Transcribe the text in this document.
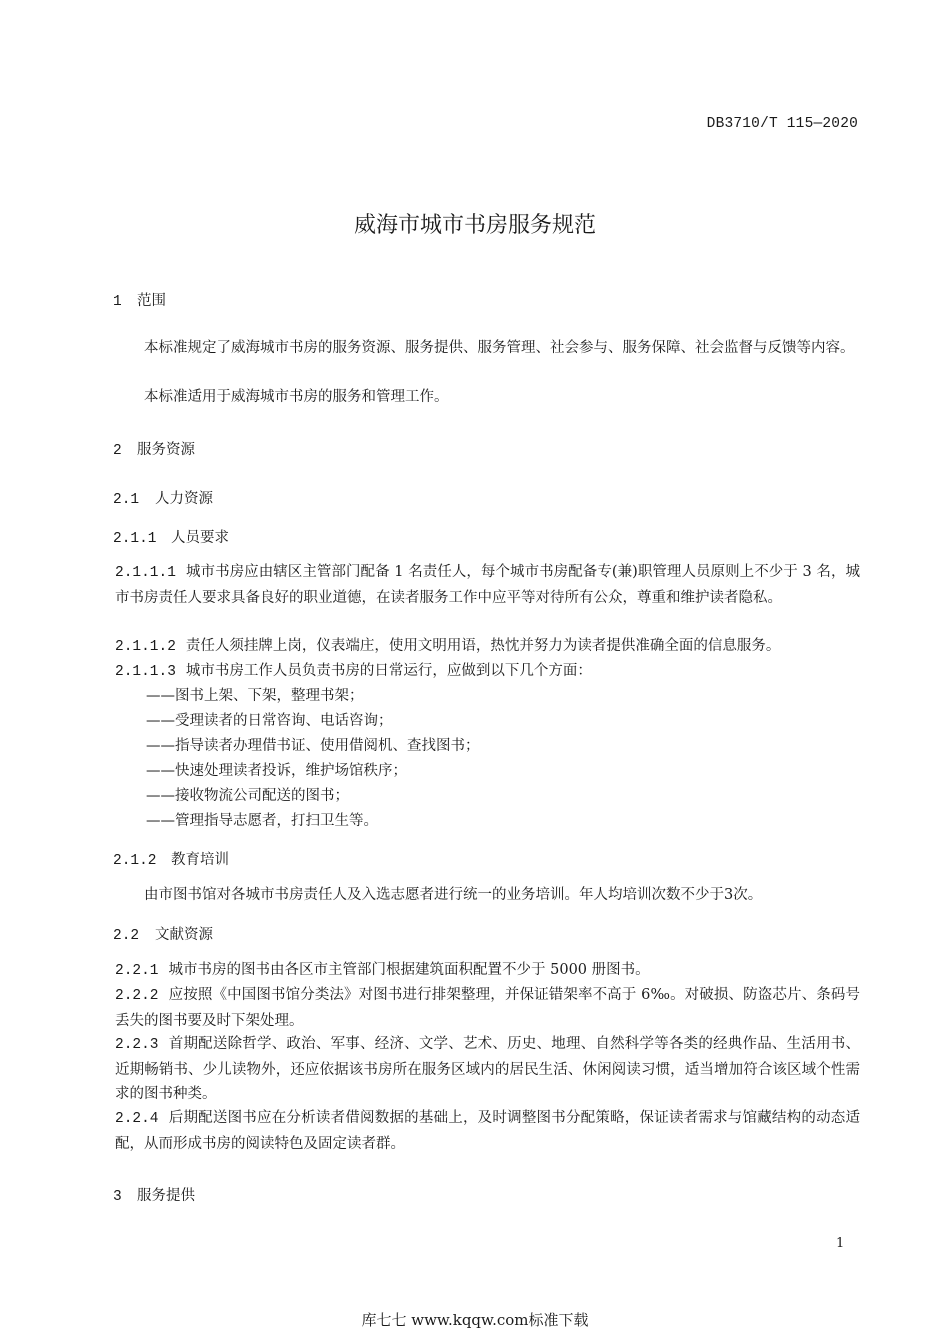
DB3710/T 115—2020
威海市城市书房服务规范
1 范围
本标准规定了威海城市书房的服务资源、服务提供、服务管理、社会参与、服务保障、社会监督与反馈等内容。
本标准适用于威海城市书房的服务和管理工作。
2 服务资源
2.1 人力资源
2.1.1 人员要求
2.1.1.1 城市书房应由辖区主管部门配备 1 名责任人，每个城市书房配备专(兼)职管理人员原则上不少于 3 名，城市书房责任人要求具备良好的职业道德，在读者服务工作中应平等对待所有公众，尊重和维护读者隐私。
2.1.1.2 责任人须挂牌上岗，仪表端庄，使用文明用语，热忱并努力为读者提供准确全面的信息服务。
2.1.1.3 城市书房工作人员负责书房的日常运行，应做到以下几个方面：
——图书上架、下架，整理书架；
——受理读者的日常咨询、电话咨询；
——指导读者办理借书证、使用借阅机、查找图书；
——快速处理读者投诉，维护场馆秩序；
——接收物流公司配送的图书；
——管理指导志愿者，打扫卫生等。
2.1.2 教育培训
由市图书馆对各城市书房责任人及入选志愿者进行统一的业务培训。年人均培训次数不少于3次。
2.2 文献资源
2.2.1 城市书房的图书由各区市主管部门根据建筑面积配置不少于 5000 册图书。
2.2.2 应按照《中国图书馆分类法》对图书进行排架整理，并保证错架率不高于 6‰。对破损、防盗芯片、条码号丢失的图书要及时下架处理。
2.2.3 首期配送除哲学、政治、军事、经济、文学、艺术、历史、地理、自然科学等各类的经典作品、生活用书、近期畅销书、少儿读物外，还应依据该书房所在服务区域内的居民生活、休闲阅读习惯，适当增加符合该区域个性需求的图书种类。
2.2.4 后期配送图书应在分析读者借阅数据的基础上，及时调整图书分配策略，保证读者需求与馆藏结构的动态适配，从而形成书房的阅读特色及固定读者群。
3 服务提供
1
库七七 www.kqqw.com标准下载
